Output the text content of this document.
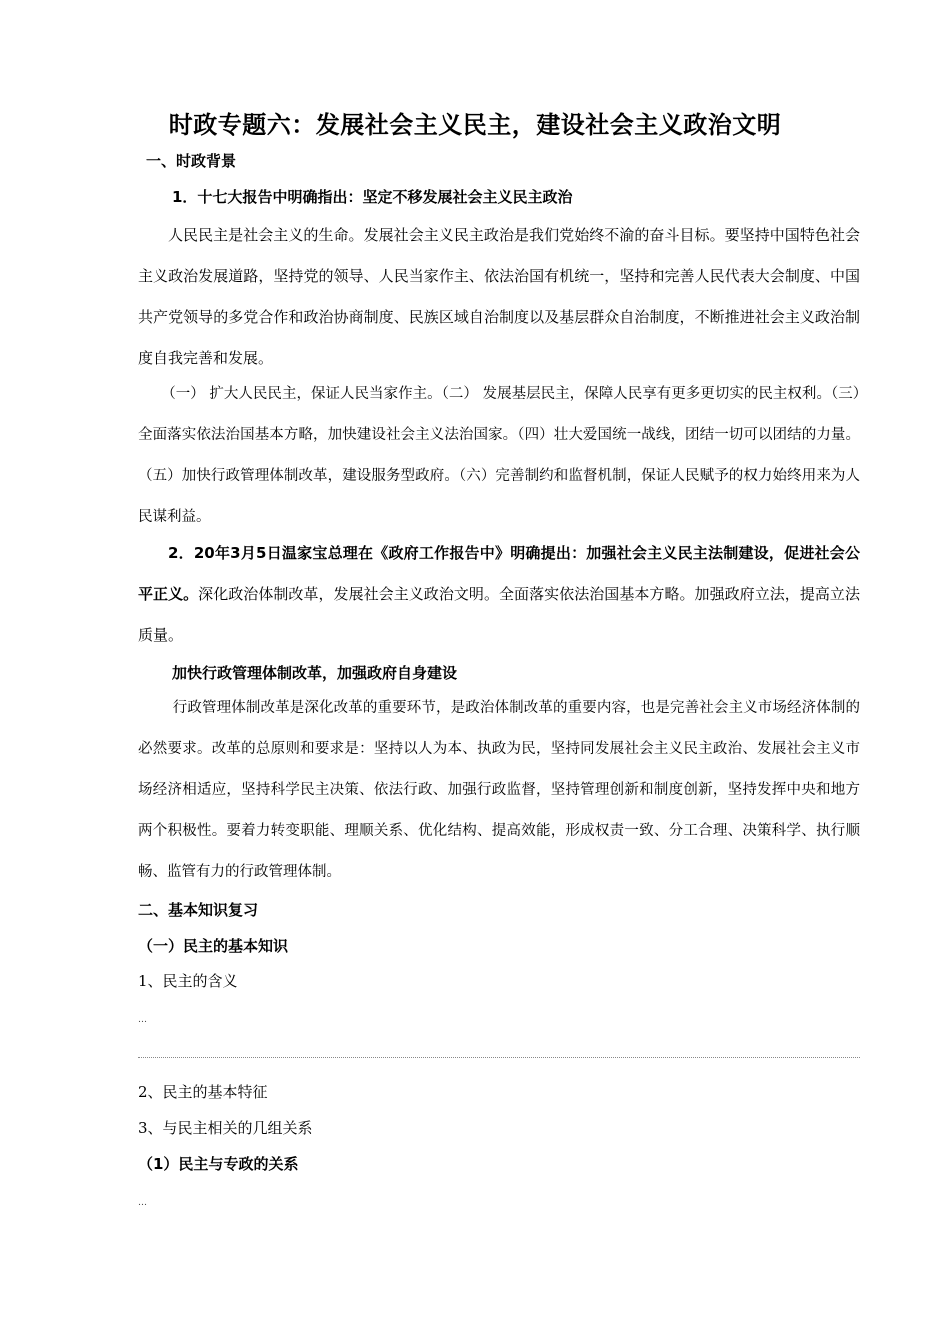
时政专题六：发展社会主义民主，建设社会主义政治文明
一、时政背景
1．十七大报告中明确指出：坚定不移发展社会主义民主政治
人民民主是社会主义的生命。发展社会主义民主政治是我们党始终不渝的奋斗目标。要坚持中国特色社会主义政治发展道路，坚持党的领导、人民当家作主、依法治国有机统一，坚持和完善人民代表大会制度、中国共产党领导的多党合作和政治协商制度、民族区域自治制度以及基层群众自治制度，不断推进社会主义政治制度自我完善和发展。
（一） 扩大人民民主，保证人民当家作主。（二） 发展基层民主，保障人民享有更多更切实的民主权利。（三）全面落实依法治国基本方略，加快建设社会主义法治国家。（四）壮大爱国统一战线，团结一切可以团结的力量。（五）加快行政管理体制改革，建设服务型政府。（六）完善制约和监督机制，保证人民赋予的权力始终用来为人民谋利益。
2．20年3月5日温家宝总理在《政府工作报告中》明确提出：加强社会主义民主法制建设，促进社会公平正义。深化政治体制改革，发展社会主义政治文明。全面落实依法治国基本方略。加强政府立法，提高立法质量。
加快行政管理体制改革，加强政府自身建设
行政管理体制改革是深化改革的重要环节，是政治体制改革的重要内容，也是完善社会主义市场经济体制的必然要求。改革的总原则和要求是：坚持以人为本、执政为民，坚持同发展社会主义民主政治、发展社会主义市场经济相适应，坚持科学民主决策、依法行政、加强行政监督，坚持管理创新和制度创新，坚持发挥中央和地方两个积极性。要着力转变职能、理顺关系、优化结构、提高效能，形成权责一致、分工合理、决策科学、执行顺畅、监管有力的行政管理体制。
二、基本知识复习
（一）民主的基本知识
1、民主的含义
…
2、民主的基本特征
3、与民主相关的几组关系
（1）民主与专政的关系
…
